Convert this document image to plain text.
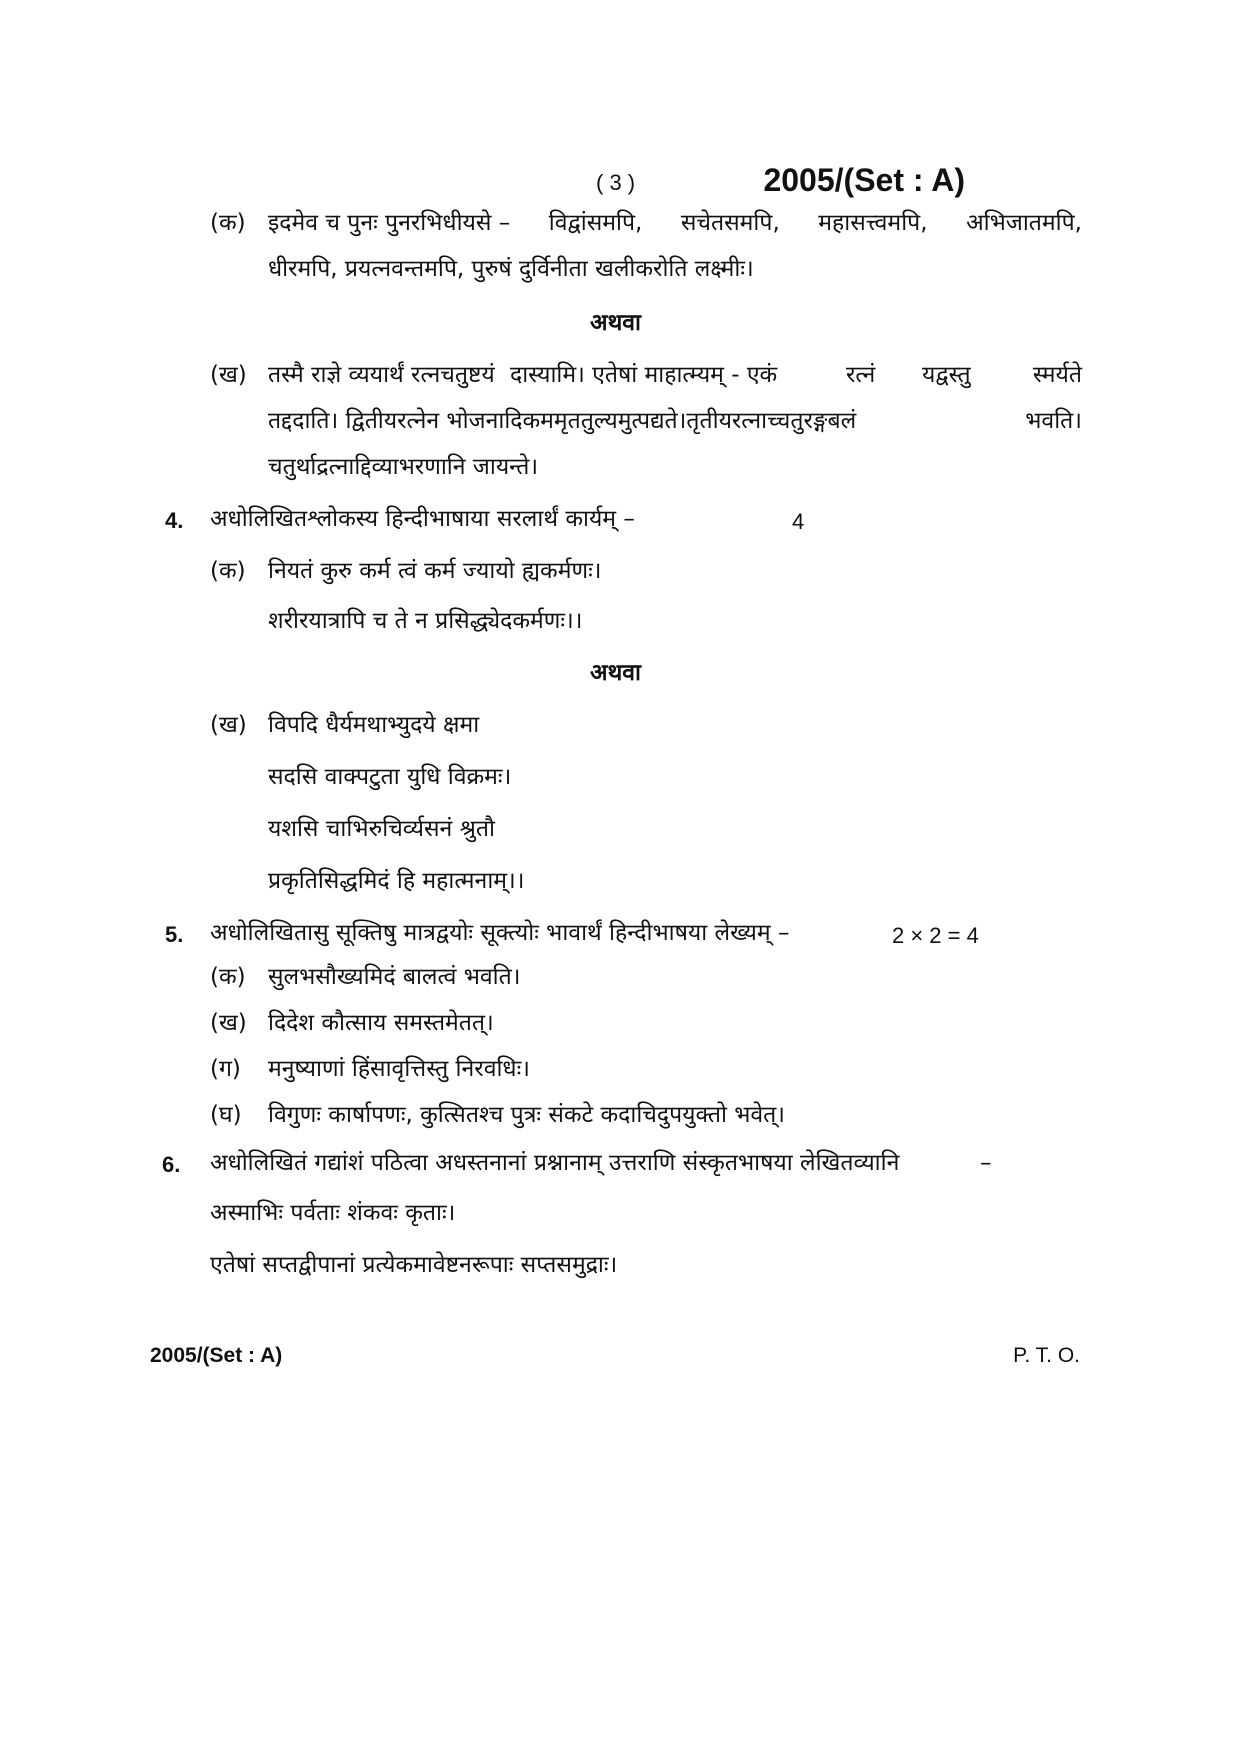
( 3 )	2005/(Set : A)
(क) इदमेव च पुनः पुनरभिधीयसे – विद्वांसमपि, सचेतसमपि, महासत्त्वमपि, अभिजातमपि,
धीरमपि, प्रयत्नवन्तमपि, पुरुषं दुर्विनीता खलीकरोति लक्ष्मीः।
अथवा
(ख) तस्मै राज्ञे व्ययार्थं रत्नचतुष्टयं दास्यामि। एतेषां माहात्म्यम् - एकं	रत्नं यद्वस्तु	स्मर्यते
तद्ददाति। द्वितीयरत्नेन भोजनादिकममृततुल्यमुत्पद्यते।तृतीयरत्नाच्चतुरङ्गबलं	भवति।
चतुर्थाद्रत्नाद्दिव्याभरणानि जायन्ते।
4. अधोलिखितश्लोकस्य हिन्दीभाषाया सरलार्थं कार्यम् –	4
(क) नियतं कुरु कर्म त्वं कर्म ज्यायो ह्यकर्मणः।
शरीरयात्रापि च ते न प्रसिद्ध्येदकर्मणः।।
अथवा
(ख) विपदि धैर्यमथाभ्युदये क्षमा
सदसि वाक्पटुता युधि विक्रमः।
यशसि चाभिरुचिर्व्यसनं श्रुतौ
प्रकृतिसिद्धमिदं हि महात्मनाम्।।
5. अधोलिखितासु सूक्तिषु मात्रद्वयोः सूक्त्योः भावार्थं हिन्दीभाषया लेख्यम् –	2 × 2 = 4
(क) सुलभसौख्यमिदं बालत्वं भवति।
(ख) दिदेश कौत्साय समस्तमेतत्।
(ग) मनुष्याणां हिंसावृत्तिस्तु निरवधिः।
(घ) विगुणः कार्षापणः, कुत्सितश्च पुत्रः संकटे कदाचिदुपयुक्तो भवेत्।
6. अधोलिखितं गद्यांशं पठित्वा अधस्तनानां प्रश्नानाम् उत्तराणि संस्कृतभाषया लेखितव्यानि	–
अस्माभिः पर्वताः शंकवः कृताः।
एतेषां सप्तद्वीपानां प्रत्येकमावेष्टनरूपाः सप्तसमुद्राः।
2005/(Set : A)	P. T. O.
